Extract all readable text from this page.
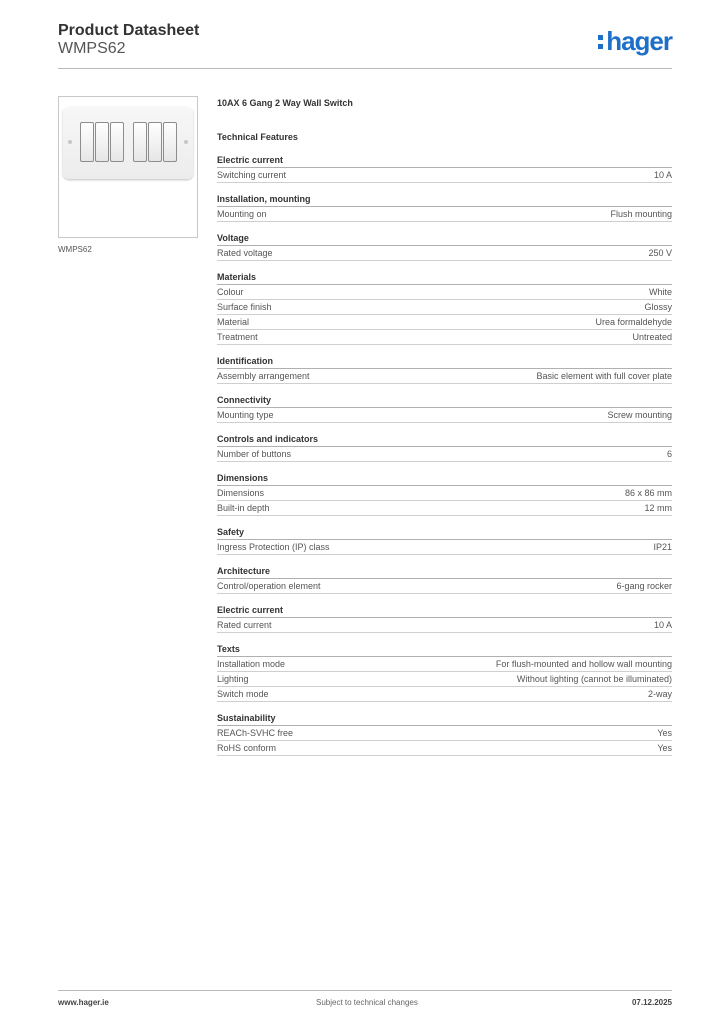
Product Datasheet
WMPS62	hager
WMPS62
10AX 6 Gang 2 Way Wall Switch
Technical Features
Electric current
Switching current	10 A
Installation, mounting
Mounting on	Flush mounting
Voltage
Rated voltage	250 V
Materials
Colour	White
Surface finish	Glossy
Material	Urea formaldehyde
Treatment	Untreated
Identification
Assembly arrangement	Basic element with full cover plate
Connectivity
Mounting type	Screw mounting
Controls and indicators
Number of buttons	6
Dimensions
Dimensions	86 x 86 mm
Built-in depth	12 mm
Safety
Ingress Protection (IP) class	IP21
Architecture
Control/operation element	6-gang rocker
Electric current
Rated current	10 A
Texts
Installation mode	For flush-mounted and hollow wall mounting
Lighting	Without lighting (cannot be illuminated)
Switch mode	2-way
Sustainability
REACh-SVHC free	Yes
RoHS conform	Yes
www.hager.ie	Subject to technical changes	07.12.2025
